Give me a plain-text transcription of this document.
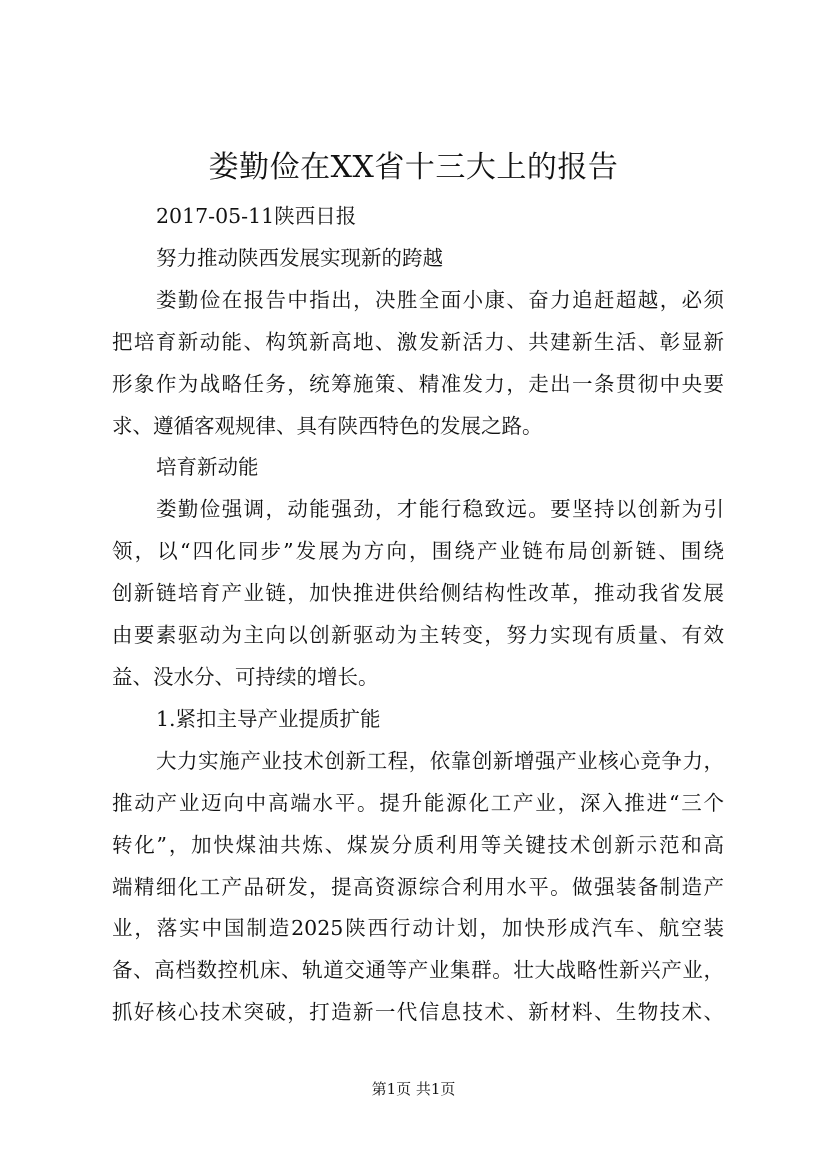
娄勤俭在XX省十三大上的报告

2017-05-11陕西日报

努力推动陕西发展实现新的跨越

娄勤俭在报告中指出，决胜全面小康、奋力追赶超越，必须

把培育新动能、构筑新高地、激发新活力、共建新生活、彰显新

形象作为战略任务，统筹施策、精准发力，走出一条贯彻中央要

求、遵循客观规律、具有陕西特色的发展之路。

培育新动能

娄勤俭强调，动能强劲，才能行稳致远。要坚持以创新为引

领，以“四化同步”发展为方向，围绕产业链布局创新链、围绕

创新链培育产业链，加快推进供给侧结构性改革，推动我省发展

由要素驱动为主向以创新驱动为主转变，努力实现有质量、有效

益、没水分、可持续的增长。

1.紧扣主导产业提质扩能

大力实施产业技术创新工程，依靠创新增强产业核心竞争力，

推动产业迈向中高端水平。提升能源化工产业，深入推进“三个

转化”，加快煤油共炼、煤炭分质利用等关键技术创新示范和高

端精细化工产品研发，提高资源综合利用水平。做强装备制造产

业，落实中国制造2025陕西行动计划，加快形成汽车、航空装

备、高档数控机床、轨道交通等产业集群。壮大战略性新兴产业，

抓好核心技术突破，打造新一代信息技术、新材料、生物技术、

第1页 共1页
